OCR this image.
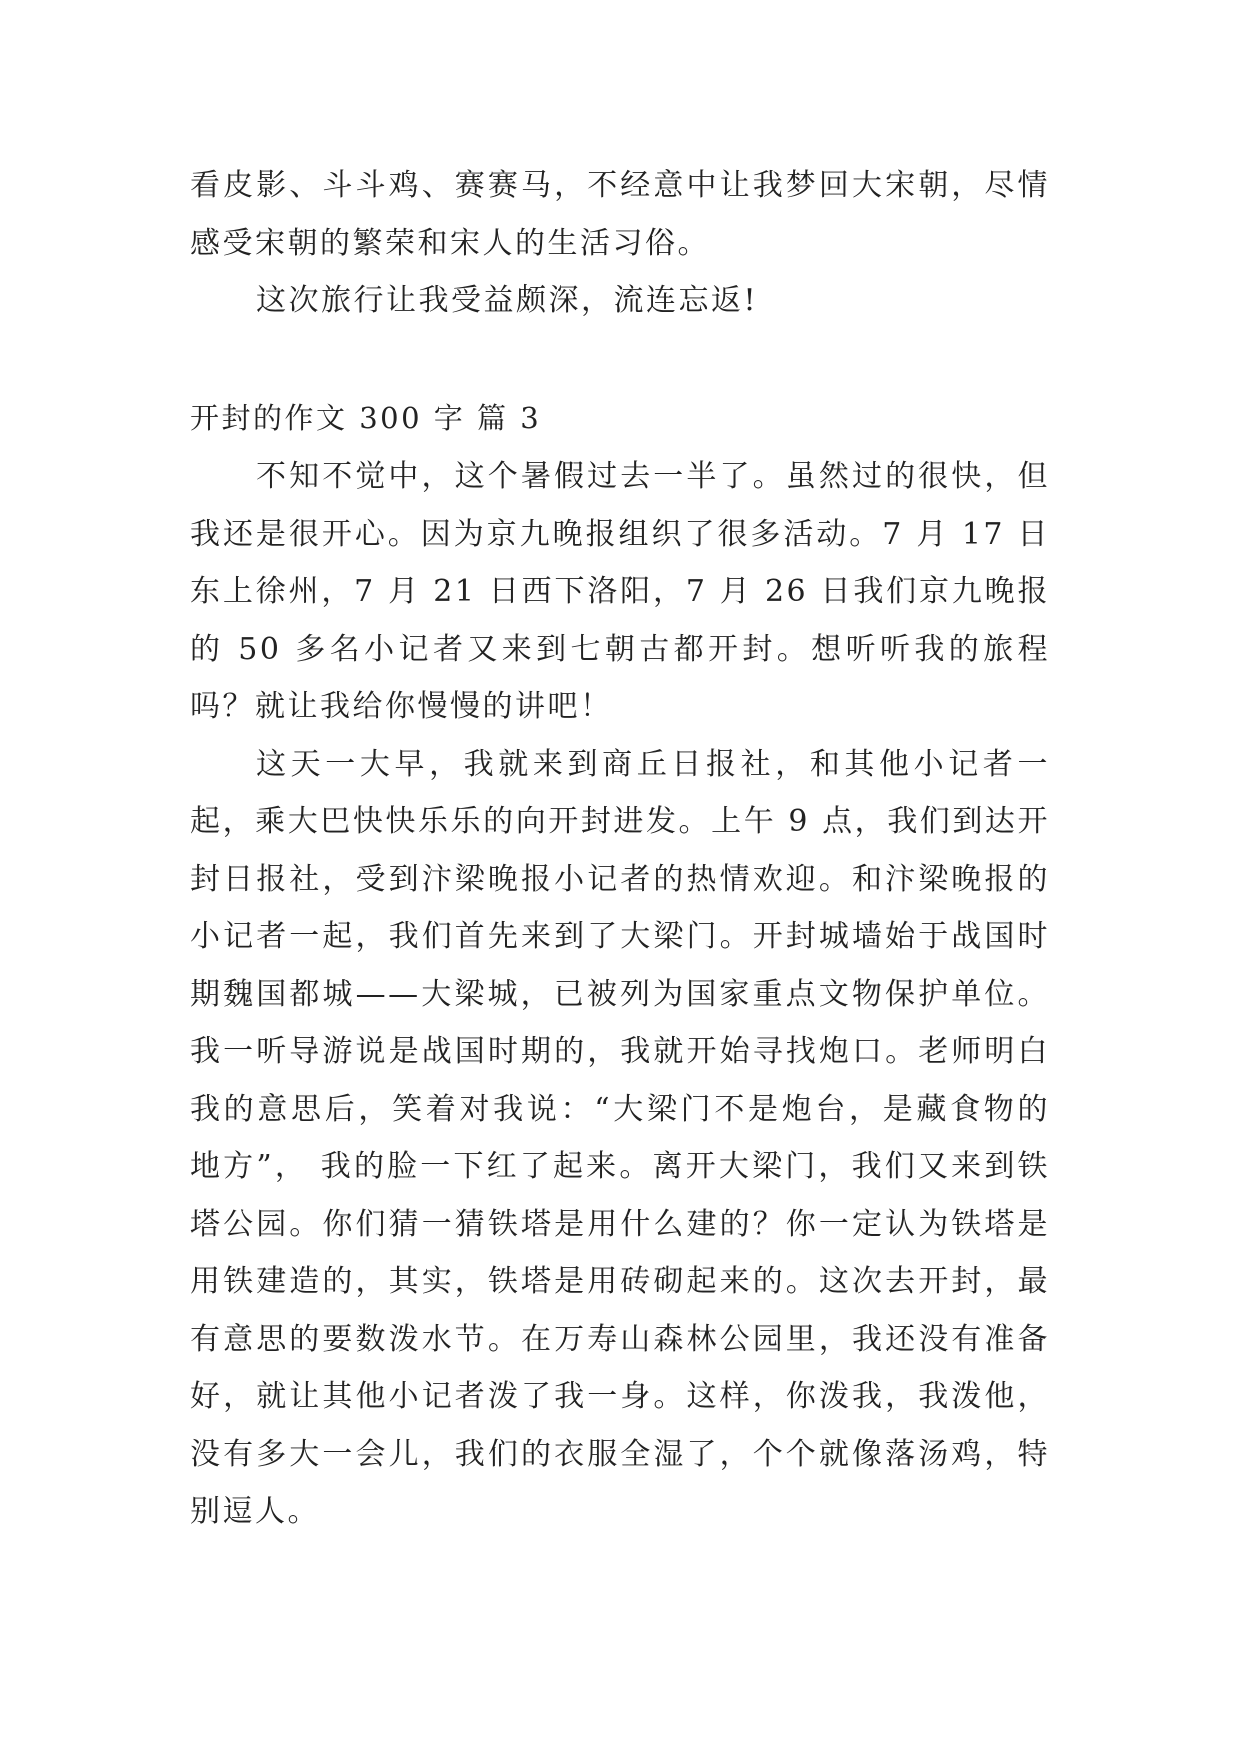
看皮影、斗斗鸡、赛赛马，不经意中让我梦回大宋朝，尽情感受宋朝的繁荣和宋人的生活习俗。

这次旅行让我受益颇深，流连忘返!

开封的作文 300 字 篇 3

不知不觉中，这个暑假过去一半了。虽然过的很快，但我还是很开心。因为京九晚报组织了很多活动。7 月 17 日东上徐州，7 月 21 日西下洛阳，7 月 26 日我们京九晚报的 50 多名小记者又来到七朝古都开封。想听听我的旅程吗？就让我给你慢慢的讲吧！

这天一大早，我就来到商丘日报社，和其他小记者一起，乘大巴快快乐乐的向开封进发。上午 9 点，我们到达开封日报社，受到汴梁晚报小记者的热情欢迎。和汴梁晚报的小记者一起，我们首先来到了大梁门。开封城墙始于战国时期魏国都城——大梁城，已被列为国家重点文物保护单位。我一听导游说是战国时期的，我就开始寻找炮口。老师明白我的意思后，笑着对我说：“大梁门不是炮台，是藏食物的地方”， 我的脸一下红了起来。离开大梁门，我们又来到铁塔公园。你们猜一猜铁塔是用什么建的？你一定认为铁塔是用铁建造的，其实，铁塔是用砖砌起来的。这次去开封，最有意思的要数泼水节。在万寿山森林公园里，我还没有准备好，就让其他小记者泼了我一身。这样，你泼我，我泼他，没有多大一会儿，我们的衣服全湿了，个个就像落汤鸡，特别逗人。
